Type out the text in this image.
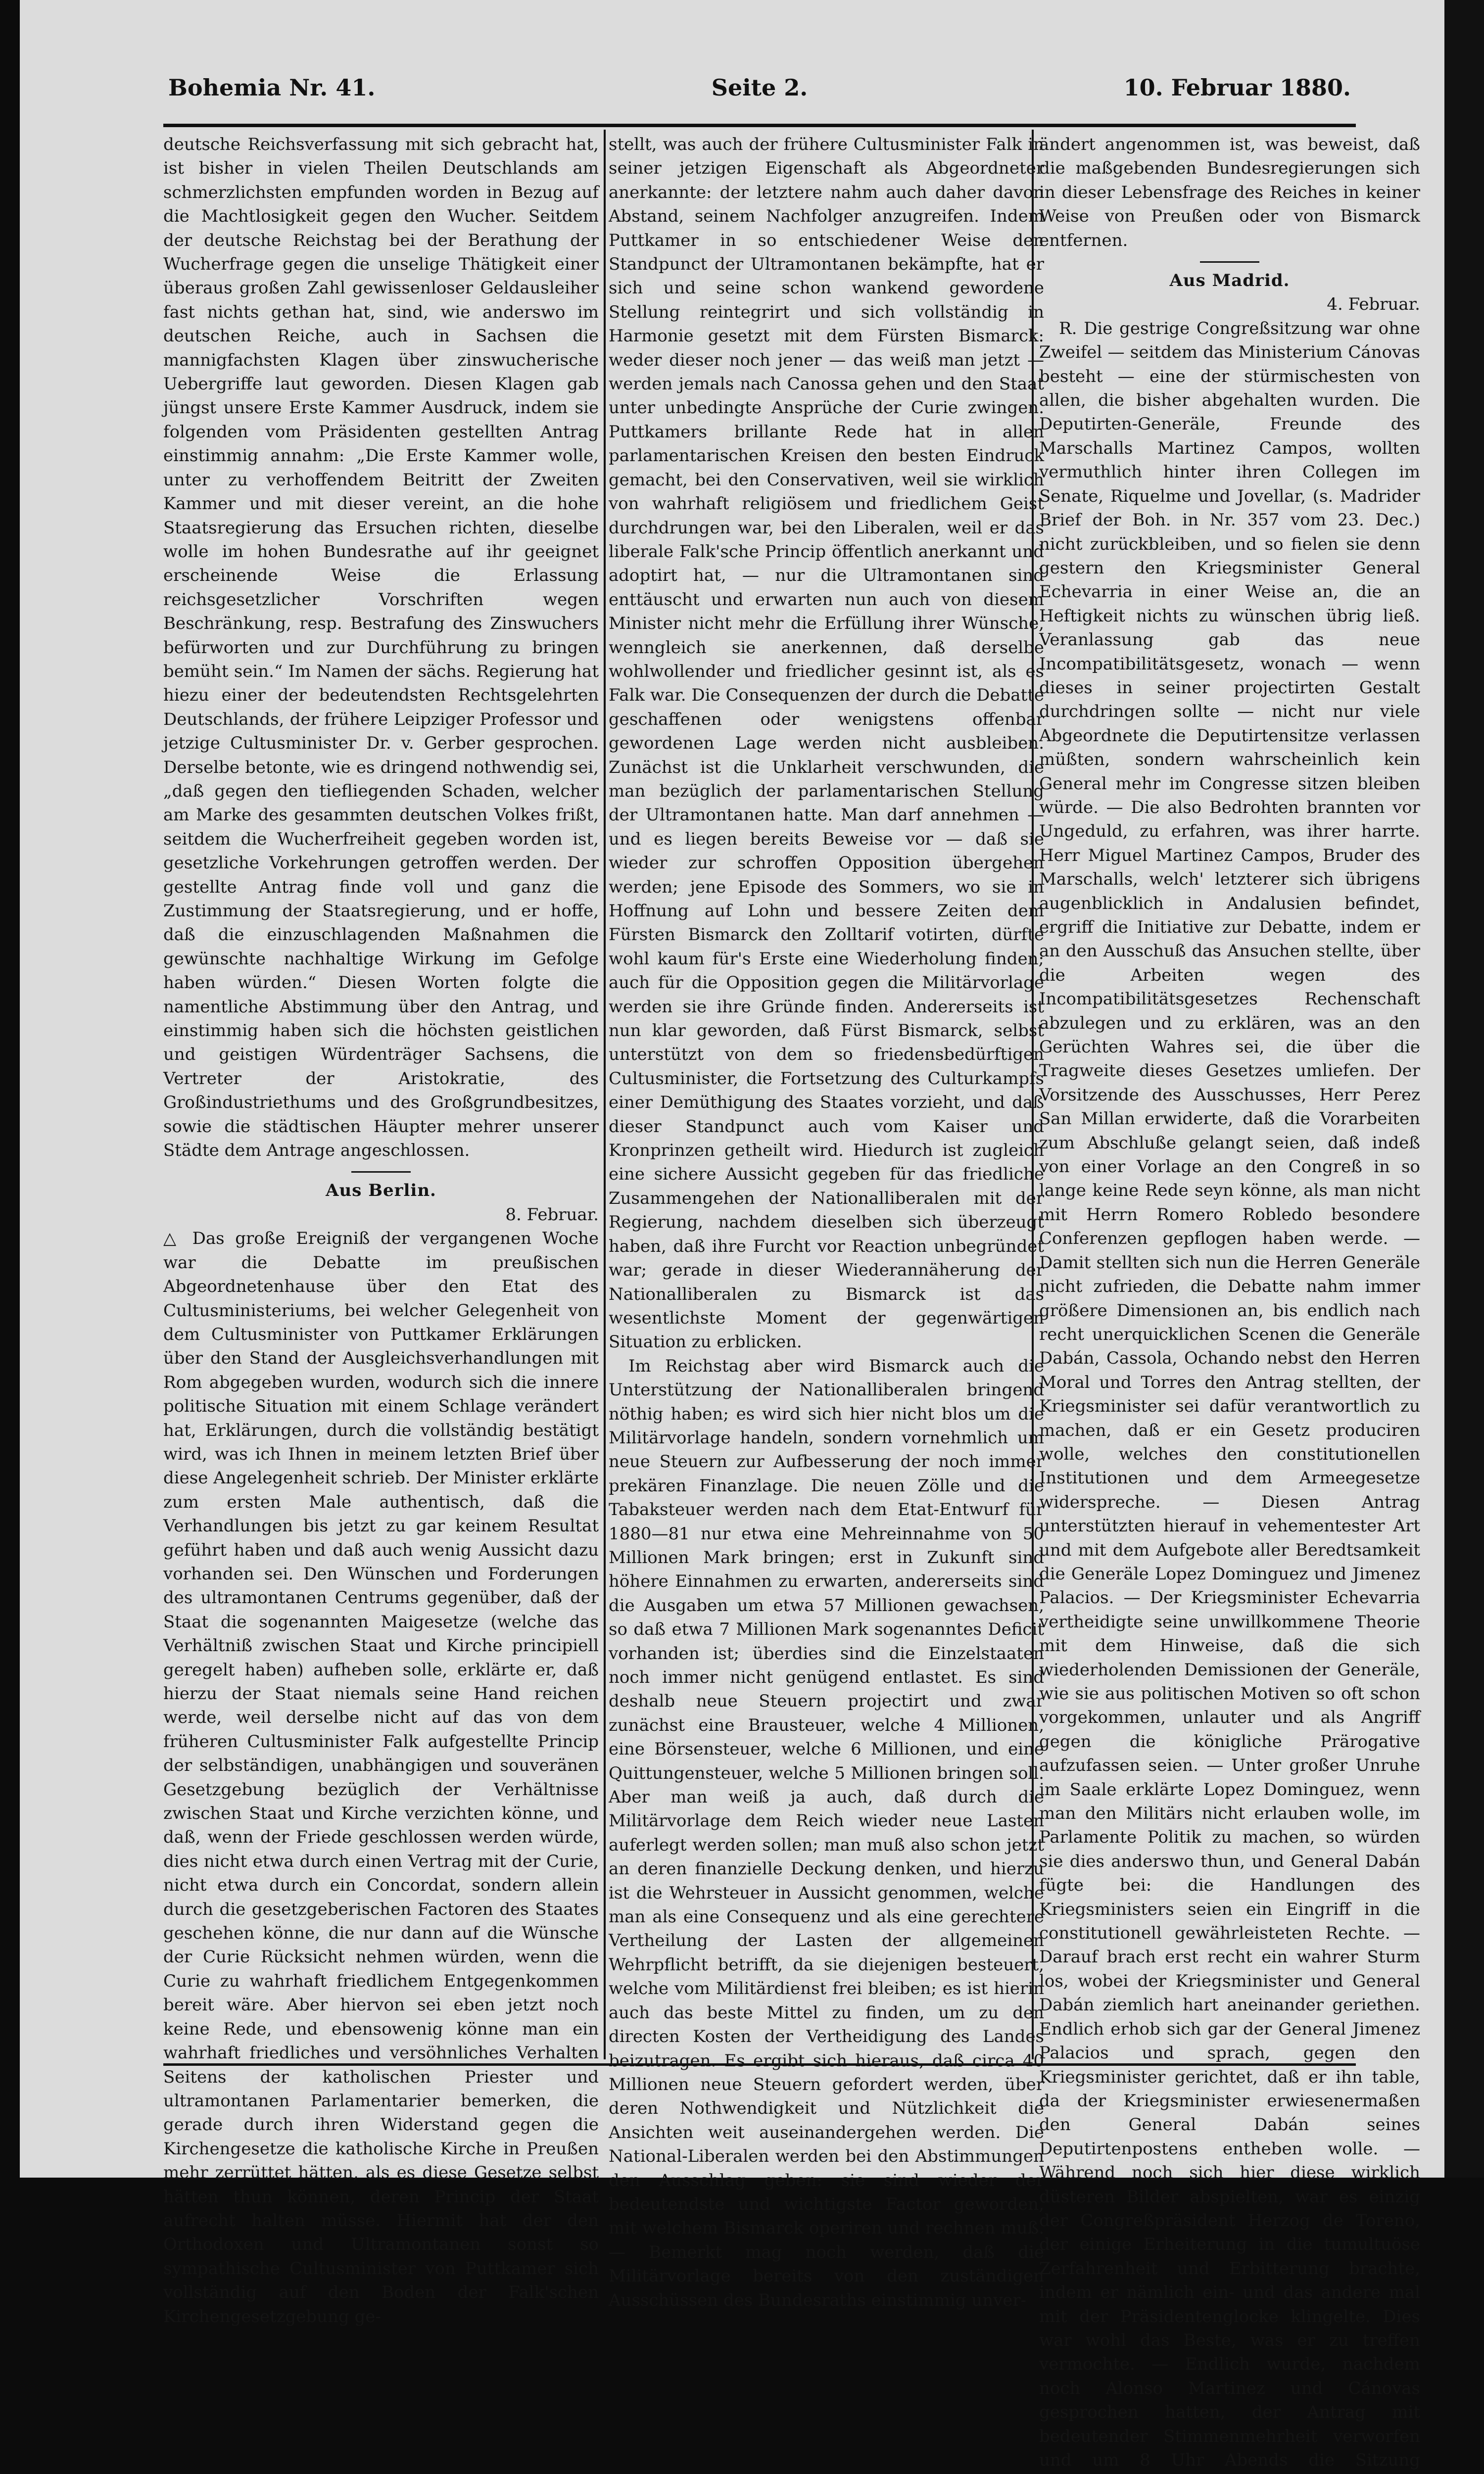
Bohemia Nr. 41.	Seite 2.	10. Februar 1880.

deutsche Reichsverfassung mit sich gebracht hat, ist bisher in vielen Theilen Deutschlands am schmerzlichsten empfunden worden in Bezug auf die Machtlosigkeit gegen den Wucher. Seitdem der deutsche Reichstag bei der Berathung der Wucherfrage gegen die unselige Thätigkeit einer überaus großen Zahl gewissenloser Geldausleiher fast nichts gethan hat, sind, wie anderswo im deutschen Reiche, auch in Sachsen die mannigfachsten Klagen über zinswucherische Uebergriffe laut geworden. Diesen Klagen gab jüngst unsere Erste Kammer Ausdruck, indem sie folgenden vom Präsidenten gestellten Antrag einstimmig annahm: „Die Erste Kammer wolle, unter zu verhoffendem Beitritt der Zweiten Kammer und mit dieser vereint, an die hohe Staatsregierung das Ersuchen richten, dieselbe wolle im hohen Bundesrathe auf ihr geeignet erscheinende Weise die Erlassung reichsgesetzlicher Vorschriften wegen Beschränkung, resp. Bestrafung des Zinswuchers befürworten und zur Durchführung zu bringen bemüht sein.“ Im Namen der sächs. Regierung hat hiezu einer der bedeutendsten Rechtsgelehrten Deutschlands, der frühere Leipziger Professor und jetzige Cultusminister Dr. v. Gerber gesprochen. Derselbe betonte, wie es dringend nothwendig sei, „daß gegen den tiefliegenden Schaden, welcher am Marke des gesammten deutschen Volkes frißt, seitdem die Wucherfreiheit gegeben worden ist, gesetzliche Vorkehrungen getroffen werden. Der gestellte Antrag finde voll und ganz die Zustimmung der Staatsregierung, und er hoffe, daß die einzuschlagenden Maßnahmen die gewünschte nachhaltige Wirkung im Gefolge haben würden.“ Diesen Worten folgte die namentliche Abstimmung über den Antrag, und einstimmig haben sich die höchsten geistlichen und geistigen Würdenträger Sachsens, die Vertreter der Aristokratie, des Großindustriethums und des Großgrundbesitzes, sowie die städtischen Häupter mehrer unserer Städte dem Antrage angeschlossen.

Aus Berlin.

8. Februar.

△ Das große Ereigniß der vergangenen Woche war die Debatte im preußischen Abgeordnetenhause über den Etat des Cultusministeriums, bei welcher Gelegenheit von dem Cultusminister von Puttkamer Erklärungen über den Stand der Ausgleichsverhandlungen mit Rom abgegeben wurden, wodurch sich die innere politische Situation mit einem Schlage verändert hat, Erklärungen, durch die vollständig bestätigt wird, was ich Ihnen in meinem letzten Brief über diese Angelegenheit schrieb. Der Minister erklärte zum ersten Male authentisch, daß die Verhandlungen bis jetzt zu gar keinem Resultat geführt haben und daß auch wenig Aussicht dazu vorhanden sei. Den Wünschen und Forderungen des ultramontanen Centrums gegenüber, daß der Staat die sogenannten Maigesetze (welche das Verhältniß zwischen Staat und Kirche principiell geregelt haben) aufheben solle, erklärte er, daß hierzu der Staat niemals seine Hand reichen werde, weil derselbe nicht auf das von dem früheren Cultusminister Falk aufgestellte Princip der selbständigen, unabhängigen und souveränen Gesetzgebung bezüglich der Verhältnisse zwischen Staat und Kirche verzichten könne, und daß, wenn der Friede geschlossen werden würde, dies nicht etwa durch einen Vertrag mit der Curie, nicht etwa durch ein Concordat, sondern allein durch die gesetzgeberischen Factoren des Staates geschehen könne, die nur dann auf die Wünsche der Curie Rücksicht nehmen würden, wenn die Curie zu wahrhaft friedlichem Entgegenkommen bereit wäre. Aber hiervon sei eben jetzt noch keine Rede, und ebensowenig könne man ein wahrhaft friedliches und versöhnliches Verhalten Seitens der katholischen Priester und ultramontanen Parlamentarier bemerken, die gerade durch ihren Widerstand gegen die Kirchengesetze die katholische Kirche in Preußen mehr zerrüttet hätten, als es diese Gesetze selbst hätten thun können, deren Princip der Staat aufrecht halten müsse. Hiermit hat der den Orthodoxen und Ultramontanen sonst so sympathische Cultusminister von Puttkamer sich vollständig auf den Boden der Falk'schen Kirchengesetzgebung ge-

stellt, was auch der frühere Cultusminister Falk in seiner jetzigen Eigenschaft als Abgeordneter anerkannte: der letztere nahm auch daher davon Abstand, seinem Nachfolger anzugreifen. Indem Puttkamer in so entschiedener Weise den Standpunct der Ultramontanen bekämpfte, hat er sich und seine schon wankend gewordene Stellung reintegrirt und sich vollständig in Harmonie gesetzt mit dem Fürsten Bismarck: weder dieser noch jener — das weiß man jetzt — werden jemals nach Canossa gehen und den Staat unter unbedingte Ansprüche der Curie zwingen. Puttkamers brillante Rede hat in allen parlamentarischen Kreisen den besten Eindruck gemacht, bei den Conservativen, weil sie wirklich von wahrhaft religiösem und friedlichem Geist durchdrungen war, bei den Liberalen, weil er das liberale Falk'sche Princip öffentlich anerkannt und adoptirt hat, — nur die Ultramontanen sind enttäuscht und erwarten nun auch von diesem Minister nicht mehr die Erfüllung ihrer Wünsche, wenngleich sie anerkennen, daß derselbe wohlwollender und friedlicher gesinnt ist, als es Falk war. Die Consequenzen der durch die Debatte geschaffenen oder wenigstens offenbar gewordenen Lage werden nicht ausbleiben. Zunächst ist die Unklarheit verschwunden, die man bezüglich der parlamentarischen Stellung der Ultramontanen hatte. Man darf annehmen — und es liegen bereits Beweise vor — daß sie wieder zur schroffen Opposition übergehen werden; jene Episode des Sommers, wo sie in Hoffnung auf Lohn und bessere Zeiten dem Fürsten Bismarck den Zolltarif votirten, dürfte wohl kaum für's Erste eine Wiederholung finden; auch für die Opposition gegen die Militärvorlage werden sie ihre Gründe finden. Andererseits ist nun klar geworden, daß Fürst Bismarck, selbst unterstützt von dem so friedensbedürftigen Cultusminister, die Fortsetzung des Culturkampfs einer Demüthigung des Staates vorzieht, und daß dieser Standpunct auch vom Kaiser und Kronprinzen getheilt wird. Hiedurch ist zugleich eine sichere Aussicht gegeben für das friedliche Zusammengehen der Nationalliberalen mit der Regierung, nachdem dieselben sich überzeugt haben, daß ihre Furcht vor Reaction unbegründet war; gerade in dieser Wiederannäherung der Nationalliberalen zu Bismarck ist das wesentlichste Moment der gegenwärtigen Situation zu erblicken.

Im Reichstag aber wird Bismarck auch die Unterstützung der Nationalliberalen bringend nöthig haben; es wird sich hier nicht blos um die Militärvorlage handeln, sondern vornehmlich um neue Steuern zur Aufbesserung der noch immer prekären Finanzlage. Die neuen Zölle und die Tabaksteuer werden nach dem Etat-Entwurf für 1880—81 nur etwa eine Mehreinnahme von 50 Millionen Mark bringen; erst in Zukunft sind höhere Einnahmen zu erwarten, andererseits sind die Ausgaben um etwa 57 Millionen gewachsen, so daß etwa 7 Millionen Mark sogenanntes Deficit vorhanden ist; überdies sind die Einzelstaaten noch immer nicht genügend entlastet. Es sind deshalb neue Steuern projectirt und zwar zunächst eine Brausteuer, welche 4 Millionen, eine Börsensteuer, welche 6 Millionen, und eine Quittungensteuer, welche 5 Millionen bringen soll. Aber man weiß ja auch, daß durch die Militärvorlage dem Reich wieder neue Lasten auferlegt werden sollen; man muß also schon jetzt an deren finanzielle Deckung denken, und hierzu ist die Wehrsteuer in Aussicht genommen, welche man als eine Consequenz und als eine gerechtere Vertheilung der Lasten der allgemeinen Wehrpflicht betrifft, da sie diejenigen besteuert, welche vom Militärdienst frei bleiben; es ist hierin auch das beste Mittel zu finden, um zu den directen Kosten der Vertheidigung des Landes beizutragen. Es ergibt sich hieraus, daß circa 40 Millionen neue Steuern gefordert werden, über deren Nothwendigkeit und Nützlichkeit die Ansichten weit auseinandergehen werden. Die National-Liberalen werden bei den Abstimmungen den Ausschlag geben: sie sind wieder der bedeutendste und wichtigste Factor geworden, mit welchem Bismarck operiren und rechnen muß. — Bemerkt mag noch werden, daß die Militärvorlage bereits von den zuständigen Ausschüssen des Bundesraths einstimmig unver-

ändert angenommen ist, was beweist, daß die maßgebenden Bundesregierungen sich in dieser Lebensfrage des Reiches in keiner Weise von Preußen oder von Bismarck entfernen.

Aus Madrid.

4. Februar.

R. Die gestrige Congreßsitzung war ohne Zweifel — seitdem das Ministerium Cánovas besteht — eine der stürmischesten von allen, die bisher abgehalten wurden. Die Deputirten-Generäle, Freunde des Marschalls Martinez Campos, wollten vermuthlich hinter ihren Collegen im Senate, Riquelme und Jovellar, (s. Madrider Brief der Boh. in Nr. 357 vom 23. Dec.) nicht zurückbleiben, und so fielen sie denn gestern den Kriegsminister General Echevarria in einer Weise an, die an Heftigkeit nichts zu wünschen übrig ließ. Veranlassung gab das neue Incompatibilitätsgesetz, wonach — wenn dieses in seiner projectirten Gestalt durchdringen sollte — nicht nur viele Abgeordnete die Deputirtensitze verlassen müßten, sondern wahrscheinlich kein General mehr im Congresse sitzen bleiben würde. — Die also Bedrohten brannten vor Ungeduld, zu erfahren, was ihrer harrte. Herr Miguel Martinez Campos, Bruder des Marschalls, welch' letzterer sich übrigens augenblicklich in Andalusien befindet, ergriff die Initiative zur Debatte, indem er an den Ausschuß das Ansuchen stellte, über die Arbeiten wegen des Incompatibilitätsgesetzes Rechenschaft abzulegen und zu erklären, was an den Gerüchten Wahres sei, die über die Tragweite dieses Gesetzes umliefen. Der Vorsitzende des Ausschusses, Herr Perez San Millan erwiderte, daß die Vorarbeiten zum Abschluße gelangt seien, daß indeß von einer Vorlage an den Congreß in so lange keine Rede seyn könne, als man nicht mit Herrn Romero Robledo besondere Conferenzen gepflogen haben werde. — Damit stellten sich nun die Herren Generäle nicht zufrieden, die Debatte nahm immer größere Dimensionen an, bis endlich nach recht unerquicklichen Scenen die Generäle Dabán, Cassola, Ochando nebst den Herren Moral und Torres den Antrag stellten, der Kriegsminister sei dafür verantwortlich zu machen, daß er ein Gesetz produciren wolle, welches den constitutionellen Institutionen und dem Armeegesetze widerspreche. — Diesen Antrag unterstützten hierauf in vehementester Art und mit dem Aufgebote aller Beredtsamkeit die Generäle Lopez Dominguez und Jimenez Palacios. — Der Kriegsminister Echevarria vertheidigte seine unwillkommene Theorie mit dem Hinweise, daß die sich wiederholenden Demissionen der Generäle, wie sie aus politischen Motiven so oft schon vorgekommen, unlauter und als Angriff gegen die königliche Prärogative aufzufassen seien. — Unter großer Unruhe im Saale erklärte Lopez Dominguez, wenn man den Militärs nicht erlauben wolle, im Parlamente Politik zu machen, so würden sie dies anderswo thun, und General Dabán fügte bei: die Handlungen des Kriegsministers seien ein Eingriff in die constitutionell gewährleisteten Rechte. — Darauf brach erst recht ein wahrer Sturm los, wobei der Kriegsminister und General Dabán ziemlich hart aneinander geriethen. Endlich erhob sich gar der General Jimenez Palacios und sprach, gegen den Kriegsminister gerichtet, daß er ihn table, da der Kriegsminister erwiesenermaßen den General Dabán seines Deputirtenpostens entheben wolle. — Während noch sich hier diese wirklich düsteren Bilder abspielten, war es einzig der Congreßpräsident Herzog de Toreno, der einige Erheiterung in die tumultuöse Zerfahrenheit und Erbitterung brachte, indem er nämlich ein- und das andere mal mit der Präsidentenglocke klingelte. Dies war wohl das Beste, was er zu treffen vermochte. — Endlich wurde, nachdem noch Alonso Martinez und Cánovas gesprochen hatten, der Antrag mit bedeutender Stimmenmehrheit verworfen und um 8 Uhr Abends die Sitzung
